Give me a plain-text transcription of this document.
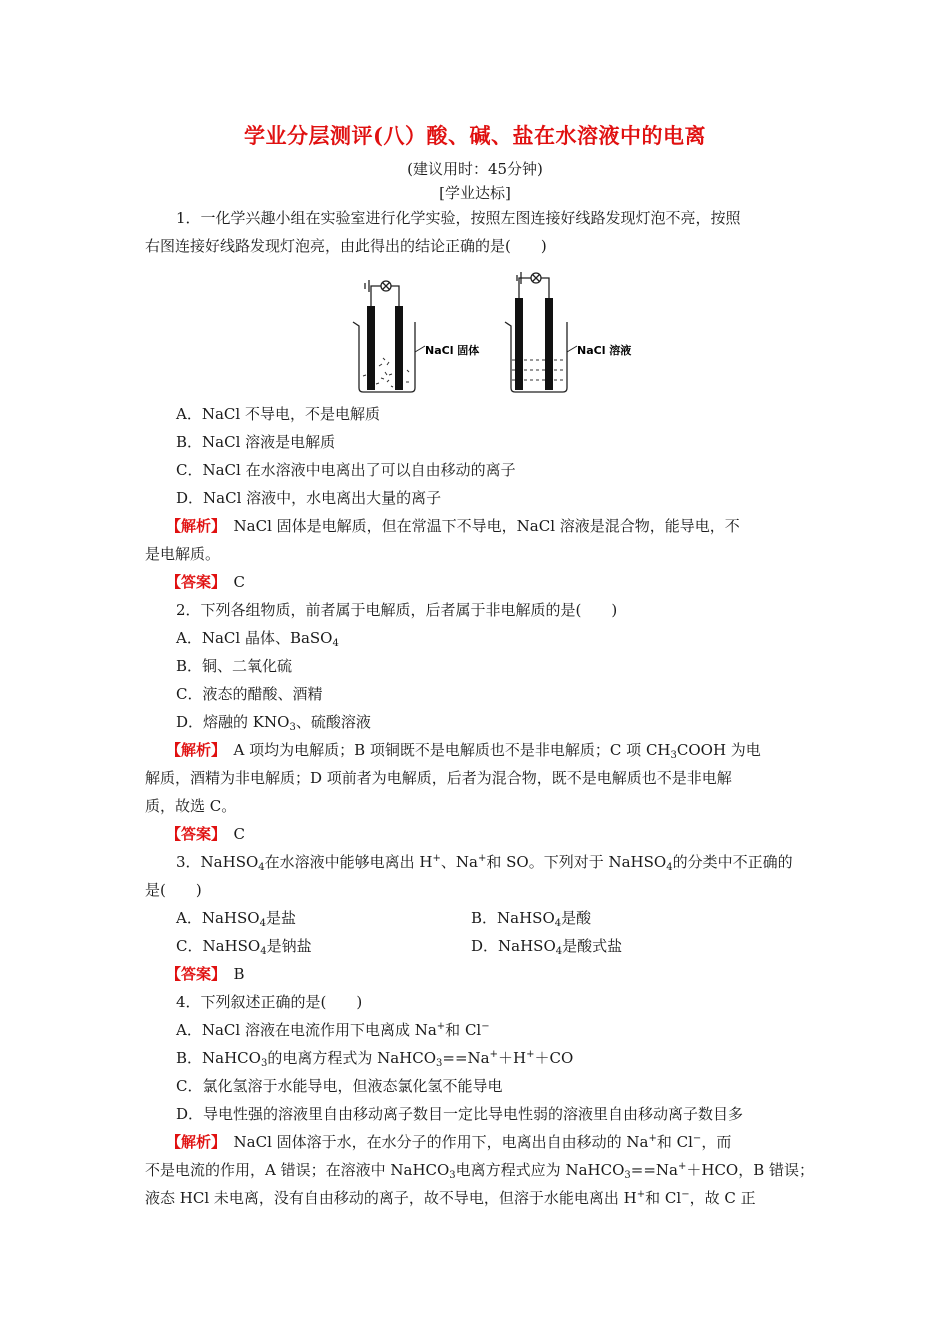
学业分层测评(八）酸、碱、盐在水溶液中的电离
(建议用时：45分钟)
[学业达标]
1．一化学兴趣小组在实验室进行化学实验，按照左图连接好线路发现灯泡不亮，按照
右图连接好线路发现灯泡亮，由此得出的结论正确的是(　　)
NaCl 固体	NaCl 溶液
A．NaCl 不导电，不是电解质
B．NaCl 溶液是电解质
C．NaCl 在水溶液中电离出了可以自由移动的离子
D．NaCl 溶液中，水电离出大量的离子
【解析】　 NaCl 固体是电解质，但在常温下不导电，NaCl 溶液是混合物，能导电，不
是电解质。
【答案】　 C
2．下列各组物质，前者属于电解质，后者属于非电解质的是(　　)
A．NaCl 晶体、BaSO$_4$
B．铜、二氧化硫
C．液态的醋酸、酒精
D．熔融的 $KNO_3$、硫酸溶液
【解析】　 A 项均为电解质；B 项铜既不是电解质也不是非电解质；C 项 $CH_3COOH$ 为电
解质，酒精为非电解质；D 项前者为电解质，后者为混合物，既不是电解质也不是非电解
质，故选 C。
【答案】　 C
3．NaHSO$_4$在水溶液中能够电离出 H+、Na+和 SO。下列对于 NaHSO$_4$的分类中不正确的
是(　　)
A．NaHSO$_4$是盐	B．NaHSO$_4$是酸
C．NaHSO$_4$是钠盐	D．NaHSO$_4$是酸式盐
【答案】　 B
4．下列叙述正确的是(　　)
A．NaCl 溶液在电流作用下电离成 Na+和 Cl−
B．NaHCO$_3$的电离方程式为 NaHCO$_3$==Na+＋H+＋CO
C．氯化氢溶于水能导电，但液态氯化氢不能导电
D．导电性强的溶液里自由移动离子数目一定比导电性弱的溶液里自由移动离子数目多
【解析】　 NaCl 固体溶于水，在水分子的作用下，电离出自由移动的 Na+和 Cl−，而
不是电流的作用，A 错误；在溶液中 NaHCO$_3$电离方程式应为 NaHCO$_3$==Na+＋HCO，B 错误；
液态 HCl 未电离，没有自由移动的离子，故不导电，但溶于水能电离出 H+和 Cl−，故 C 正
